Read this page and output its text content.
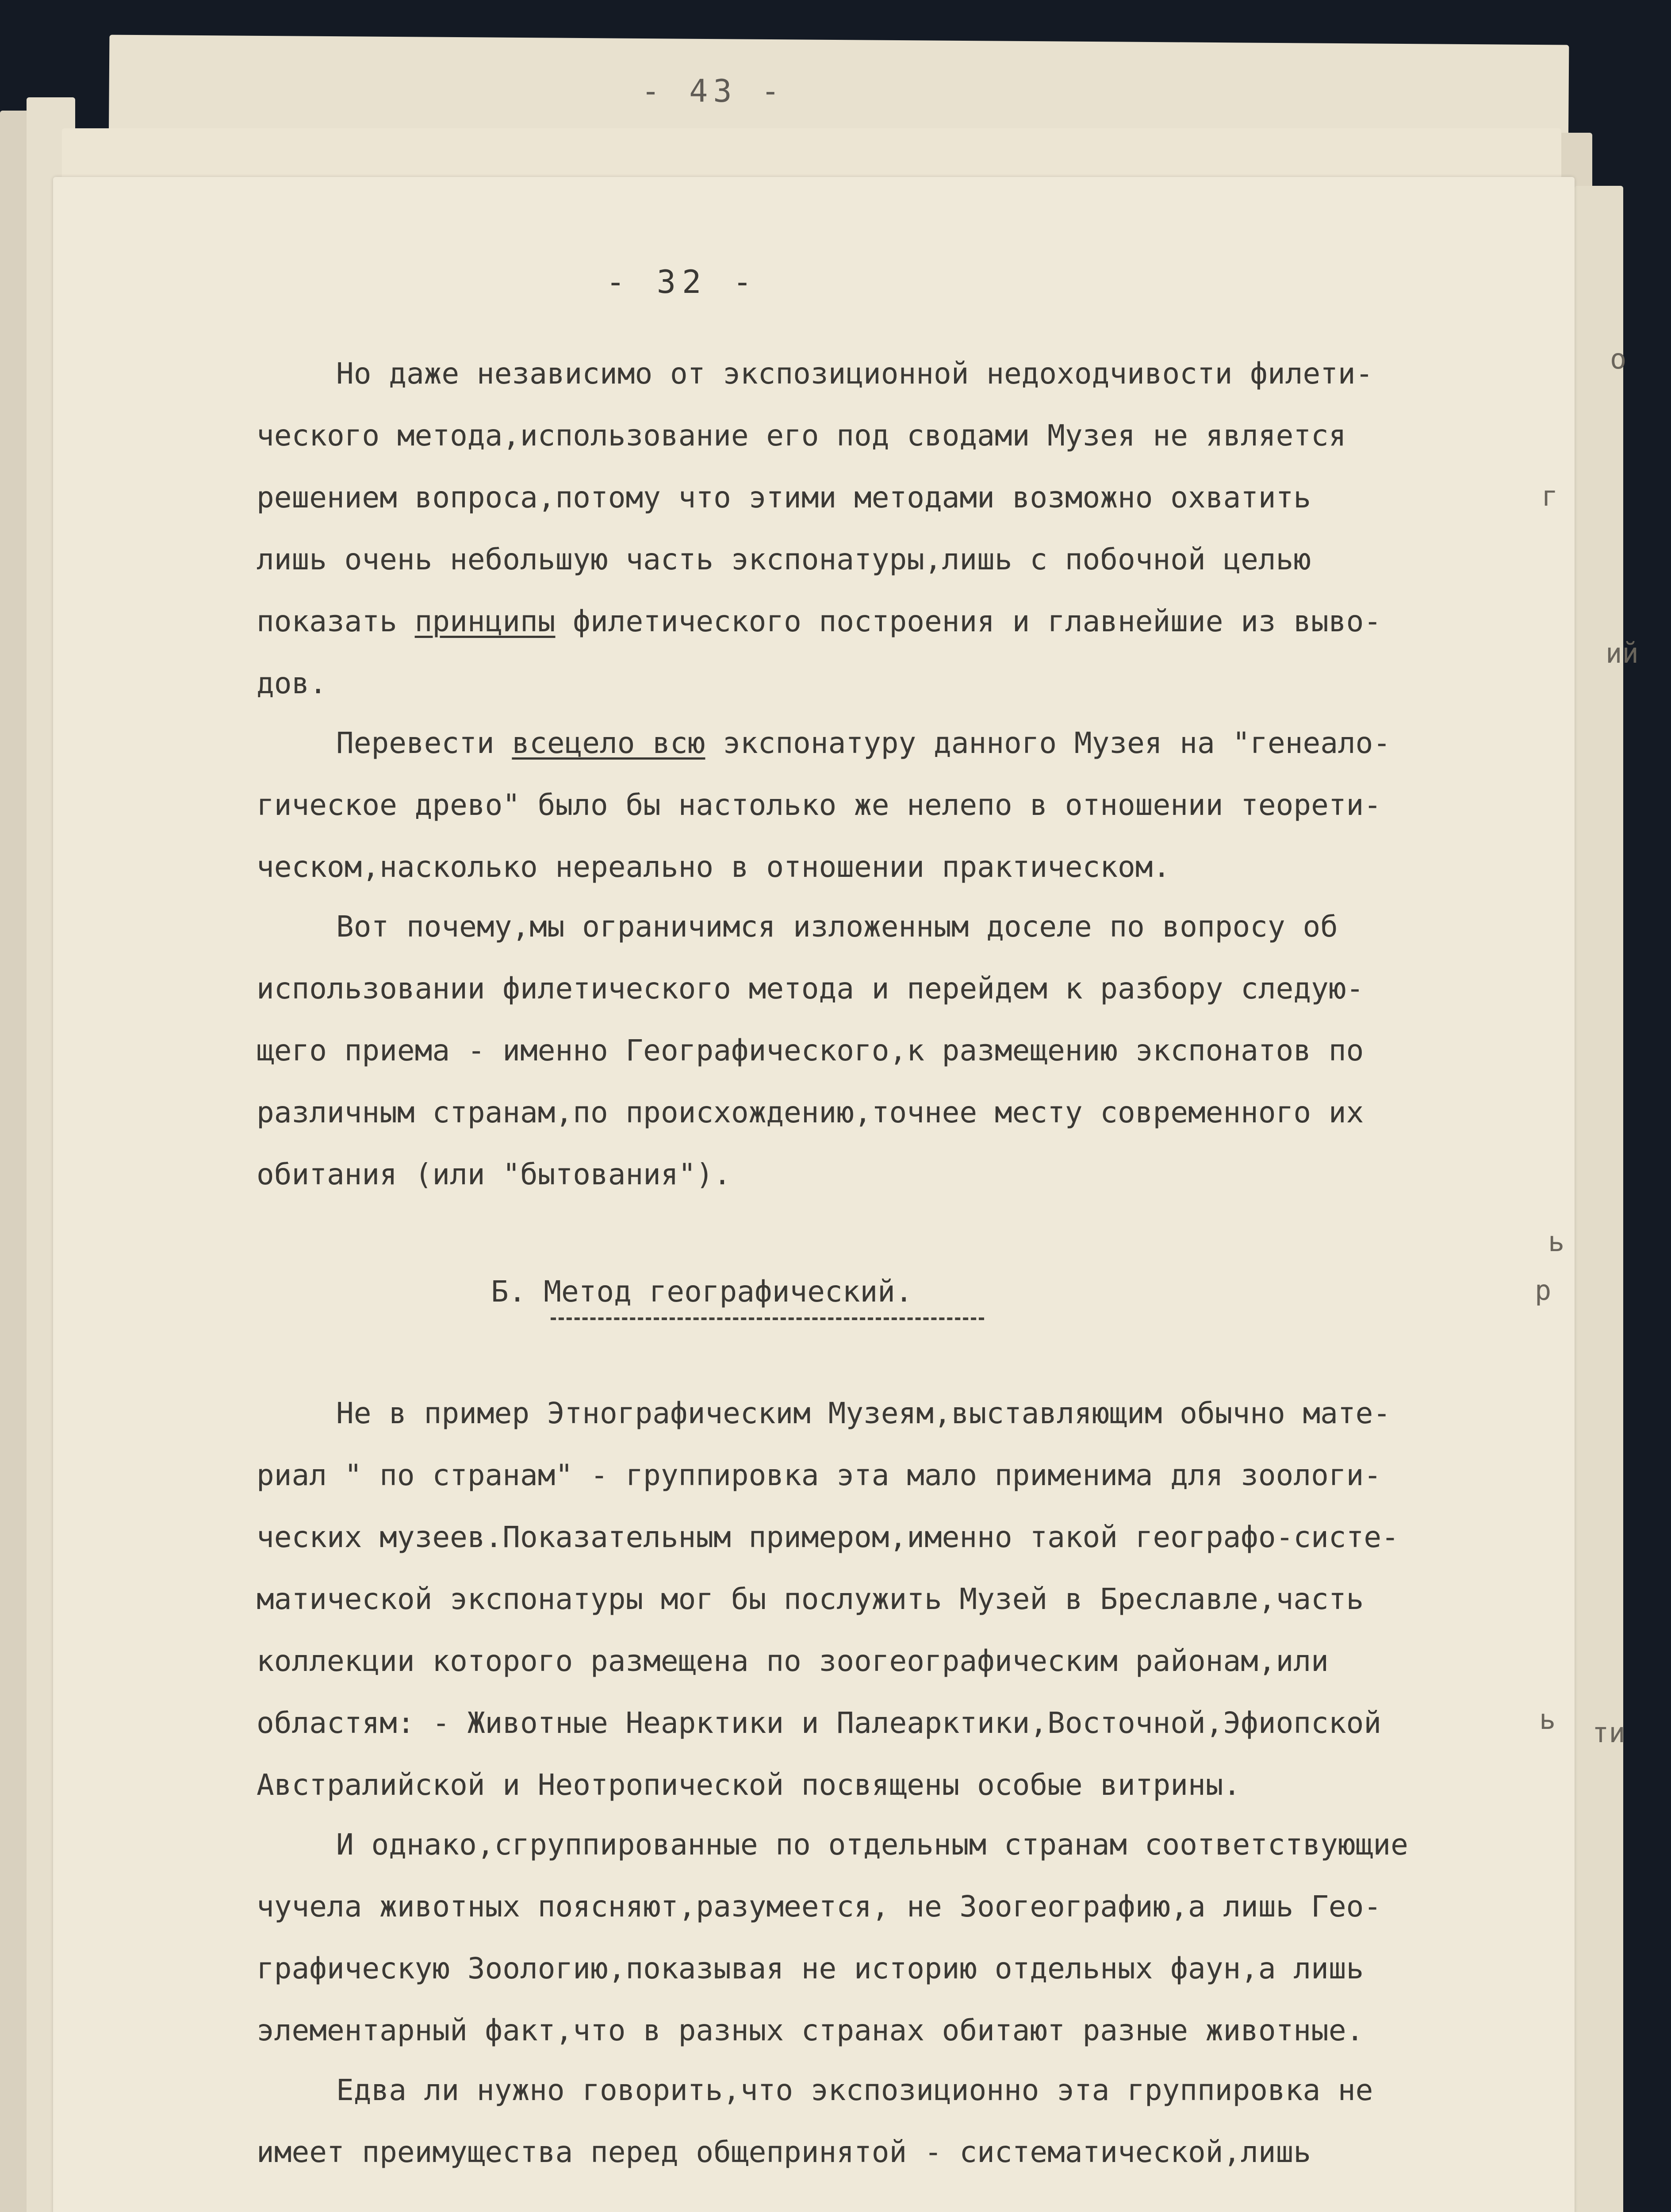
о
г
ий
ь
ти
р
ь
- 43 -
- 32 -
Но даже независимо от экспозиционной недоходчивости филети-
ческого метода,использование его под сводами Музея не является
решением вопроса,потому что этими методами возможно охватить
лишь очень небольшую часть экспонатуры,лишь с побочной целью
показать принципы филетического построения и главнейшие из выво-
дов.
Перевести всецело всю экспонатуру данного Музея на "генеало-
гическое древо" было бы настолько же нелепо в отношении теорети-
ческом,насколько нереально в отношении практическом.
Вот почему,мы ограничимся изложенным доселе по вопросу об
использовании филетического метода и перейдем к разбору следую-
щего приема - именно Географического,к размещению экспонатов по
различным странам,по происхождению,точнее месту современного их
обитания (или "бытования").
Б. Метод географический.
Не в пример Этнографическим Музеям,выставляющим обычно мате-
риал " по странам" - группировка эта мало применима для зоологи-
ческих музеев.Показательным примером,именно такой географо-систе-
матической экспонатуры мог бы послужить Музей в Бреславле,часть
коллекции которого размещена по зоогеографическим районам,или
областям: - Животные Неарктики и Палеарктики,Восточной,Эфиопской
Австралийской и Неотропической посвящены особые витрины.
И однако,сгруппированные по отдельным странам соответствующие
чучела животных поясняют,разумеется, не Зоогеографию,а лишь Гео-
графическую Зоологию,показывая не историю отдельных фаун,а лишь
элементарный факт,что в разных странах обитают разные животные.
Едва ли нужно говорить,что экспозиционно эта группировка не
имеет преимущества перед общепринятой - систематической,лишь
